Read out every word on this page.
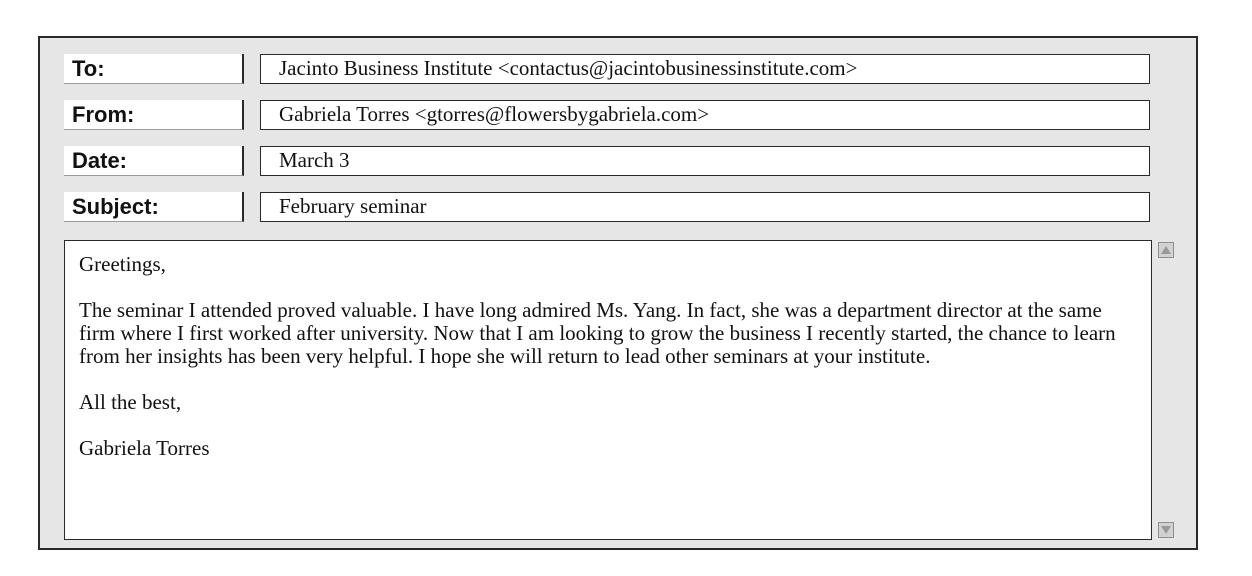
To:	Jacinto Business Institute <contactus@jacintobusinessinstitute.com>
From:	Gabriela Torres <gtorres@flowersbygabriela.com>
Date:	March 3
Subject:	February seminar

Greetings,

The seminar I attended proved valuable. I have long admired Ms. Yang. In fact, she was a department director at the same firm where I first worked after university. Now that I am looking to grow the business I recently started, the chance to learn from her insights has been very helpful. I hope she will return to lead other seminars at your institute.

All the best,

Gabriela Torres
